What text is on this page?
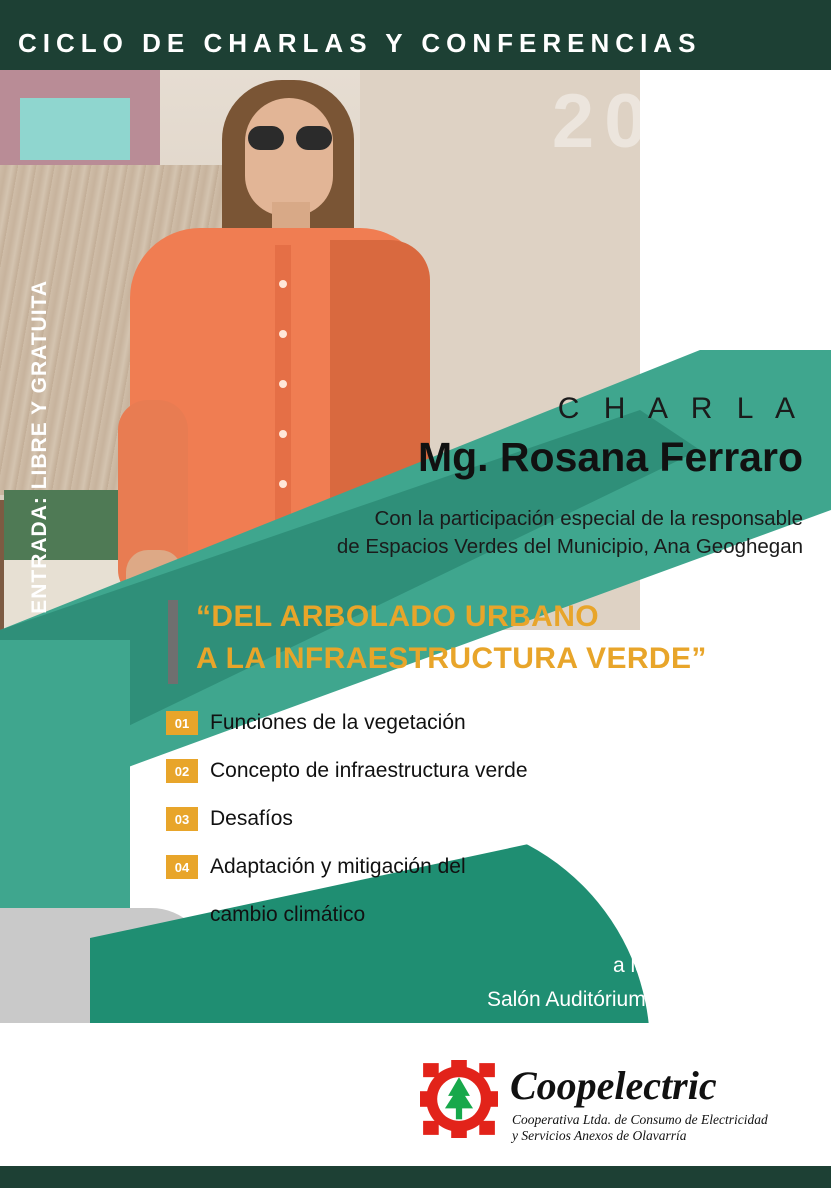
CICLO DE CHARLAS Y CONFERENCIAS
2022
C H A R L A
Mg. Rosana Ferraro
Con la participación especial de la responsable
de Espacios Verdes del Municipio, Ana Geoghegan
“DEL ARBOLADO URBANO
A LA INFRAESTRUCTURA VERDE”
01 Funciones de la vegetación
02 Concepto de infraestructura verde
03 Desafíos
04 Adaptación y mitigación del
cambio climático
ENTRADA: LIBRE Y GRATUITA
Jueves 28 de julio
a las 19:00 hs. en el
Salón Auditórium - Belgrano 2850
Coopelectric
Cooperativa Ltda. de Consumo de Electricidad
y Servicios Anexos de Olavarría
